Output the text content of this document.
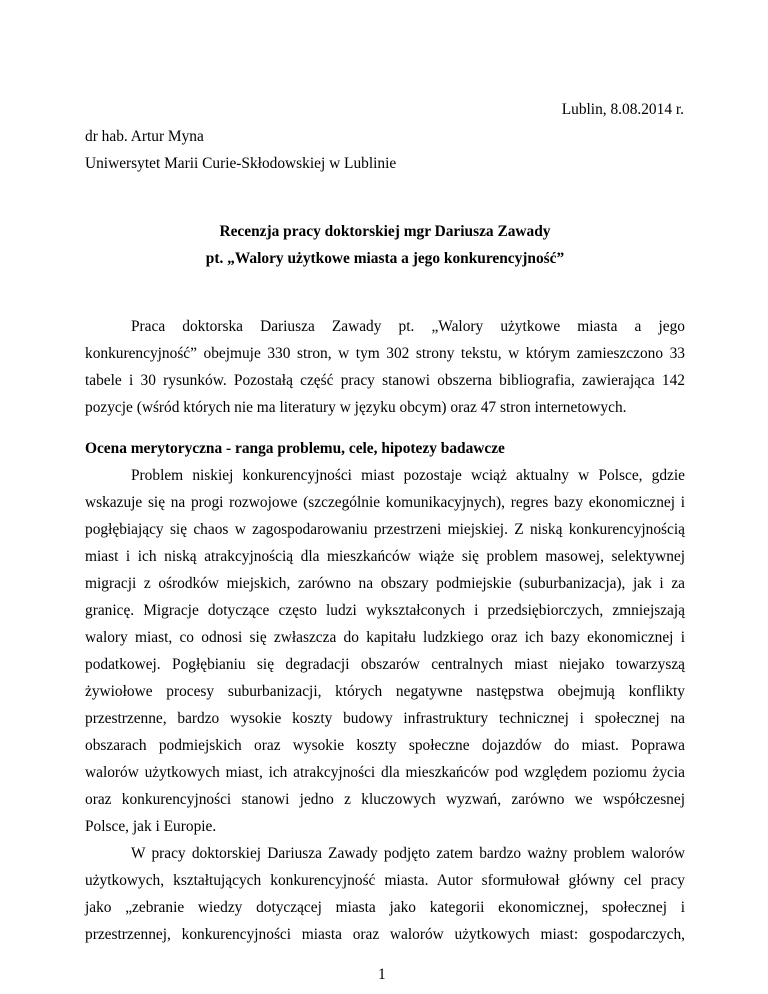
Lublin, 8.08.2014 r.
dr hab. Artur Myna
Uniwersytet Marii Curie-Skłodowskiej w Lublinie
Recenzja pracy doktorskiej mgr Dariusza Zawady
pt. „Walory użytkowe miasta a jego konkurencyjność”
Praca doktorska Dariusza Zawady pt. „Walory użytkowe miasta a jego
konkurencyjność” obejmuje 330 stron, w tym 302 strony tekstu, w którym zamieszczono 33
tabele i 30 rysunków. Pozostałą część pracy stanowi obszerna bibliografia, zawierająca 142
pozycje (wśród których nie ma literatury w języku obcym) oraz 47 stron internetowych.
Ocena merytoryczna - ranga problemu, cele, hipotezy badawcze
Problem niskiej konkurencyjności miast pozostaje wciąż aktualny w Polsce, gdzie
wskazuje się na progi rozwojowe (szczególnie komunikacyjnych), regres bazy ekonomicznej i
pogłębiający się chaos w zagospodarowaniu przestrzeni miejskiej. Z niską konkurencyjnością
miast i ich niską atrakcyjnością dla mieszkańców wiąże się problem masowej, selektywnej
migracji z ośrodków miejskich, zarówno na obszary podmiejskie (suburbanizacja), jak i za
granicę. Migracje dotyczące często ludzi wykształconych i przedsiębiorczych, zmniejszają
walory miast, co odnosi się zwłaszcza do kapitału ludzkiego oraz ich bazy ekonomicznej i
podatkowej. Pogłębianiu się degradacji obszarów centralnych miast niejako towarzyszą
żywiołowe procesy suburbanizacji, których negatywne następstwa obejmują konflikty
przestrzenne, bardzo wysokie koszty budowy infrastruktury technicznej i społecznej na
obszarach podmiejskich oraz wysokie koszty społeczne dojazdów do miast. Poprawa
walorów użytkowych miast, ich atrakcyjności dla mieszkańców pod względem poziomu życia
oraz konkurencyjności stanowi jedno z kluczowych wyzwań, zarówno we współczesnej
Polsce, jak i Europie.
W pracy doktorskiej Dariusza Zawady podjęto zatem bardzo ważny problem walorów
użytkowych, kształtujących konkurencyjność miasta. Autor sformułował główny cel pracy
jako „zebranie wiedzy dotyczącej miasta jako kategorii ekonomicznej, społecznej i
przestrzennej, konkurencyjności miasta oraz walorów użytkowych miast: gospodarczych,
1
